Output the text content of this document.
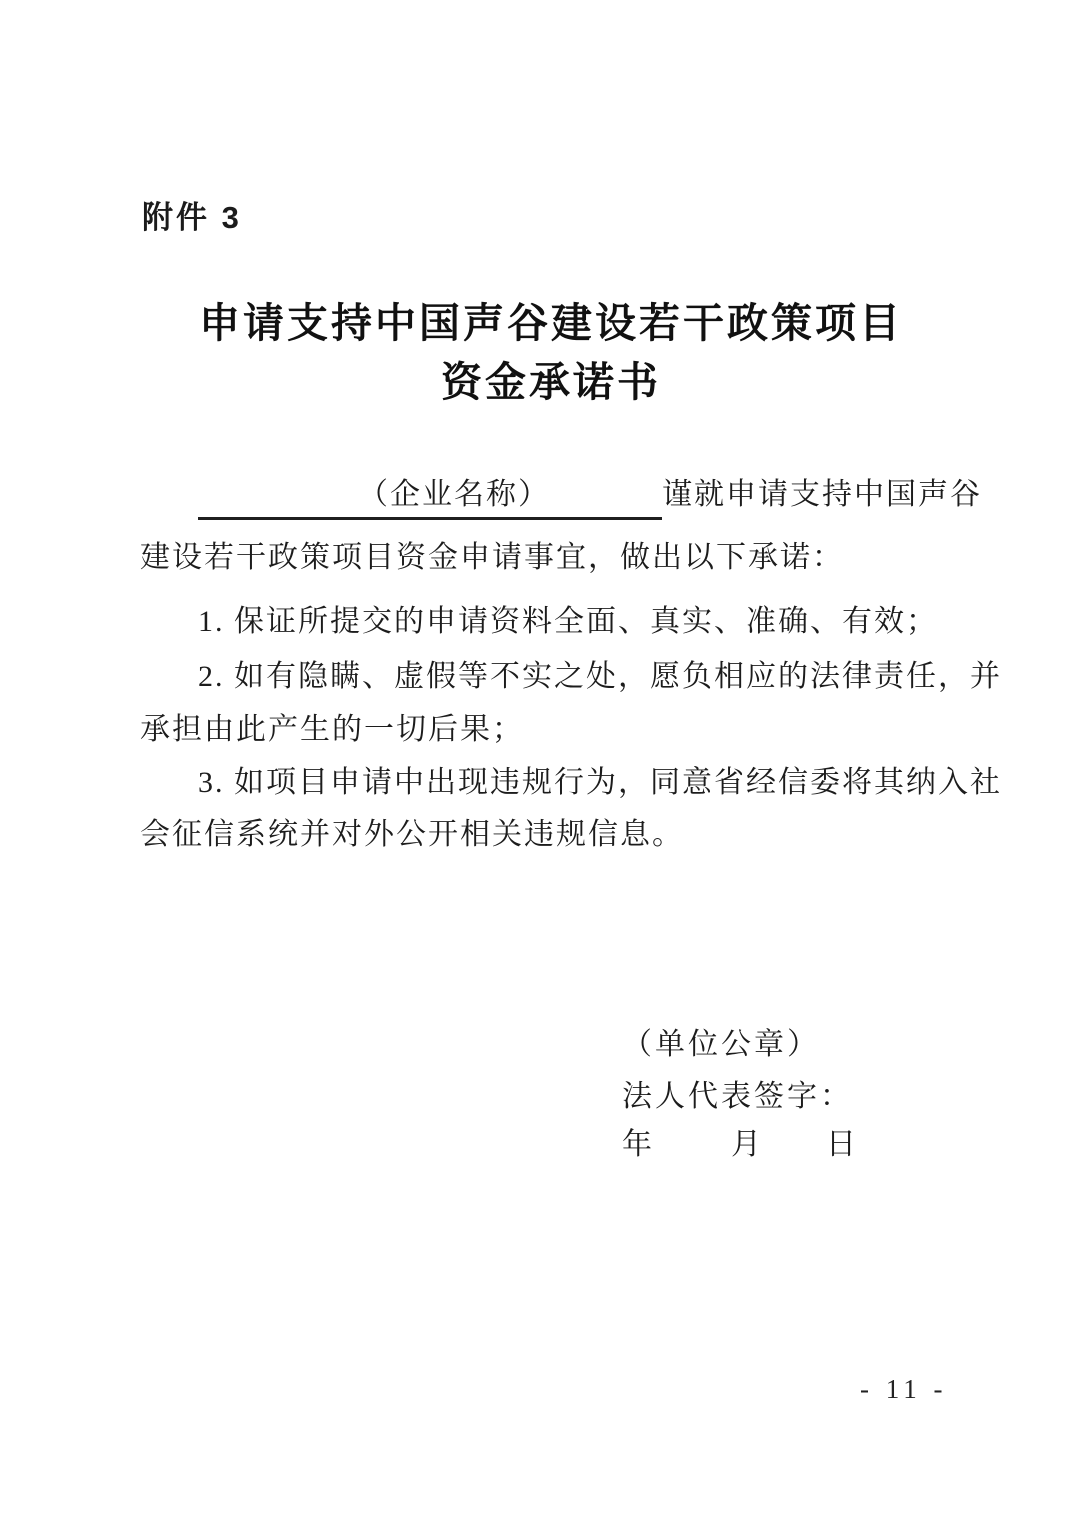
附件 3
申请支持中国声谷建设若干政策项目
资金承诺书
（企业名称）	谨就申请支持中国声谷
建设若干政策项目资金申请事宜，做出以下承诺：
1. 保证所提交的申请资料全面、真实、准确、有效；
2. 如有隐瞒、虚假等不实之处，愿负相应的法律责任，并
承担由此产生的一切后果；
3. 如项目申请中出现违规行为，同意省经信委将其纳入社
会征信系统并对外公开相关违规信息。
（单位公章）
法人代表签字：
年	月 日
- 11 -
